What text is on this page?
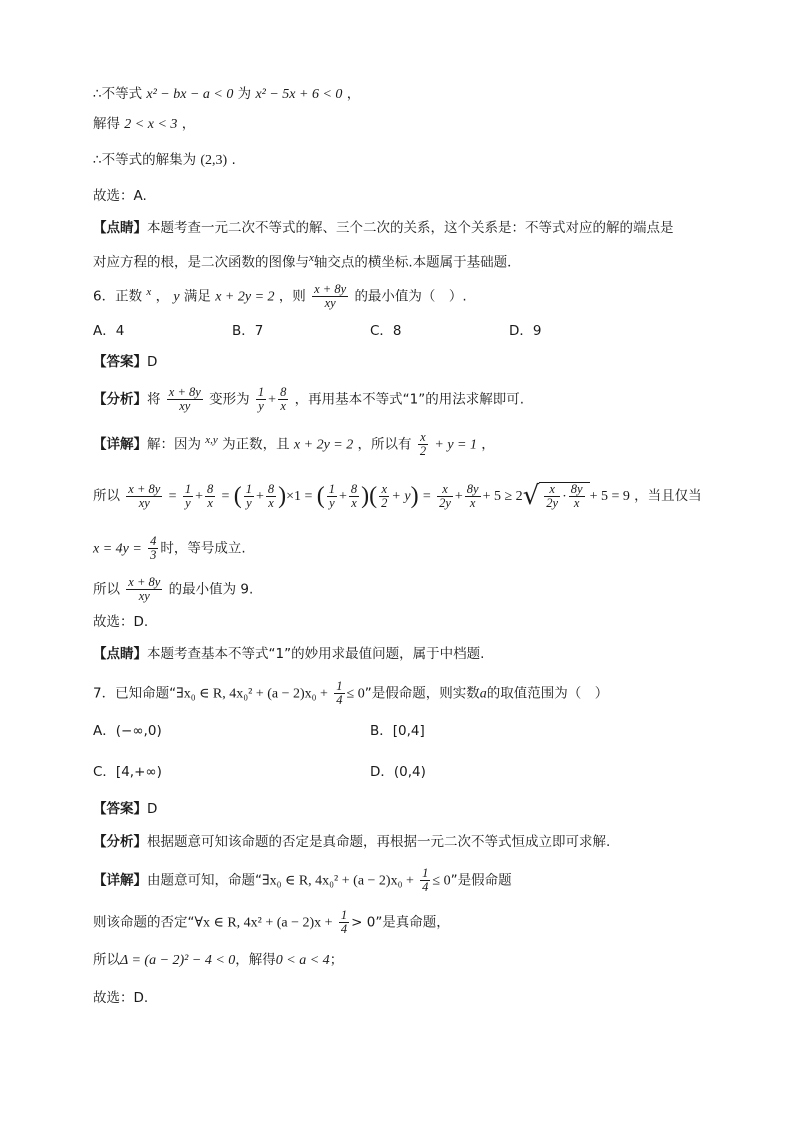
∴不等式 x² − bx − a < 0 为 x² − 5x + 6 < 0 ，
解得 2 < x < 3 ，
∴不等式的解集为 (2,3) .
故选：A.
【点睛】本题考查一元二次不等式的解、三个二次的关系，这个关系是：不等式对应的解的端点是
对应方程的根，是二次函数的图像与$^x$轴交点的横坐标.本题属于基础题．
6．正数 $^x$ ， y 满足 x + 2y = 2 ，则 $\frac{x + 8y}{xy}$ 的最小值为（　）.
A．4	B．7	C．8	D．9
【答案】D
【分析】将 $\frac{x + 8y}{xy}$ 变形为 $\frac{1}{y} + \frac{8}{x}$ ，再用基本不等式“1”的用法求解即可.
【详解】解：因为 $^{x,y}$ 为正数，且 x + 2y = 2 ，所以有 $\frac{x}{2} + y = 1$ ，
所以 $\frac{x + 8y}{xy} = \frac{1}{y} + \frac{8}{x}$ = ( $\frac{1}{y} + \frac{8}{x} )\times 1$ = ( $\frac{1}{y} + \frac{8}{x}$ )( $\frac{x}{2} + y) = \frac{x}{2y} + \frac{8y}{x} + 5 \ge 2√ \frac{x}{2y} \cdot \frac{8y}{x} + 5 = 9$ ，当且仅当
$x = 4y = \frac{4}{3}$ 时，等号成立.
所以 $\frac{x + 8y}{xy}$ 的最小值为 9.
故选：D.
【点睛】本题考查基本不等式“1”的妙用求最值问题，属于中档题.
7．已知命题“∃x₀ ∈ R, $4x_0^2 + (a - 2)x_0 + \frac{1}{4} \le 0$”是假命题，则实数a的取值范围为（　）
A．(−∞,0)	B．[0,4]
C．[4,+∞)	D．(0,4)
【答案】D
【分析】根据题意可知该命题的否定是真命题，再根据一元二次不等式恒成立即可求解.
【详解】由题意可知，命题“∃x₀ ∈ R, $4x_0^2 + (a - 2)x_0 + \frac{1}{4} \le 0$”是假命题
则该命题的否定“∀x ∈ R, $4x^2 + (a - 2)x + \frac{1}{4} > 0$”是真命题，
所以Δ = (a − 2)² − 4 < 0，解得0 < a < 4；
故选：D.
